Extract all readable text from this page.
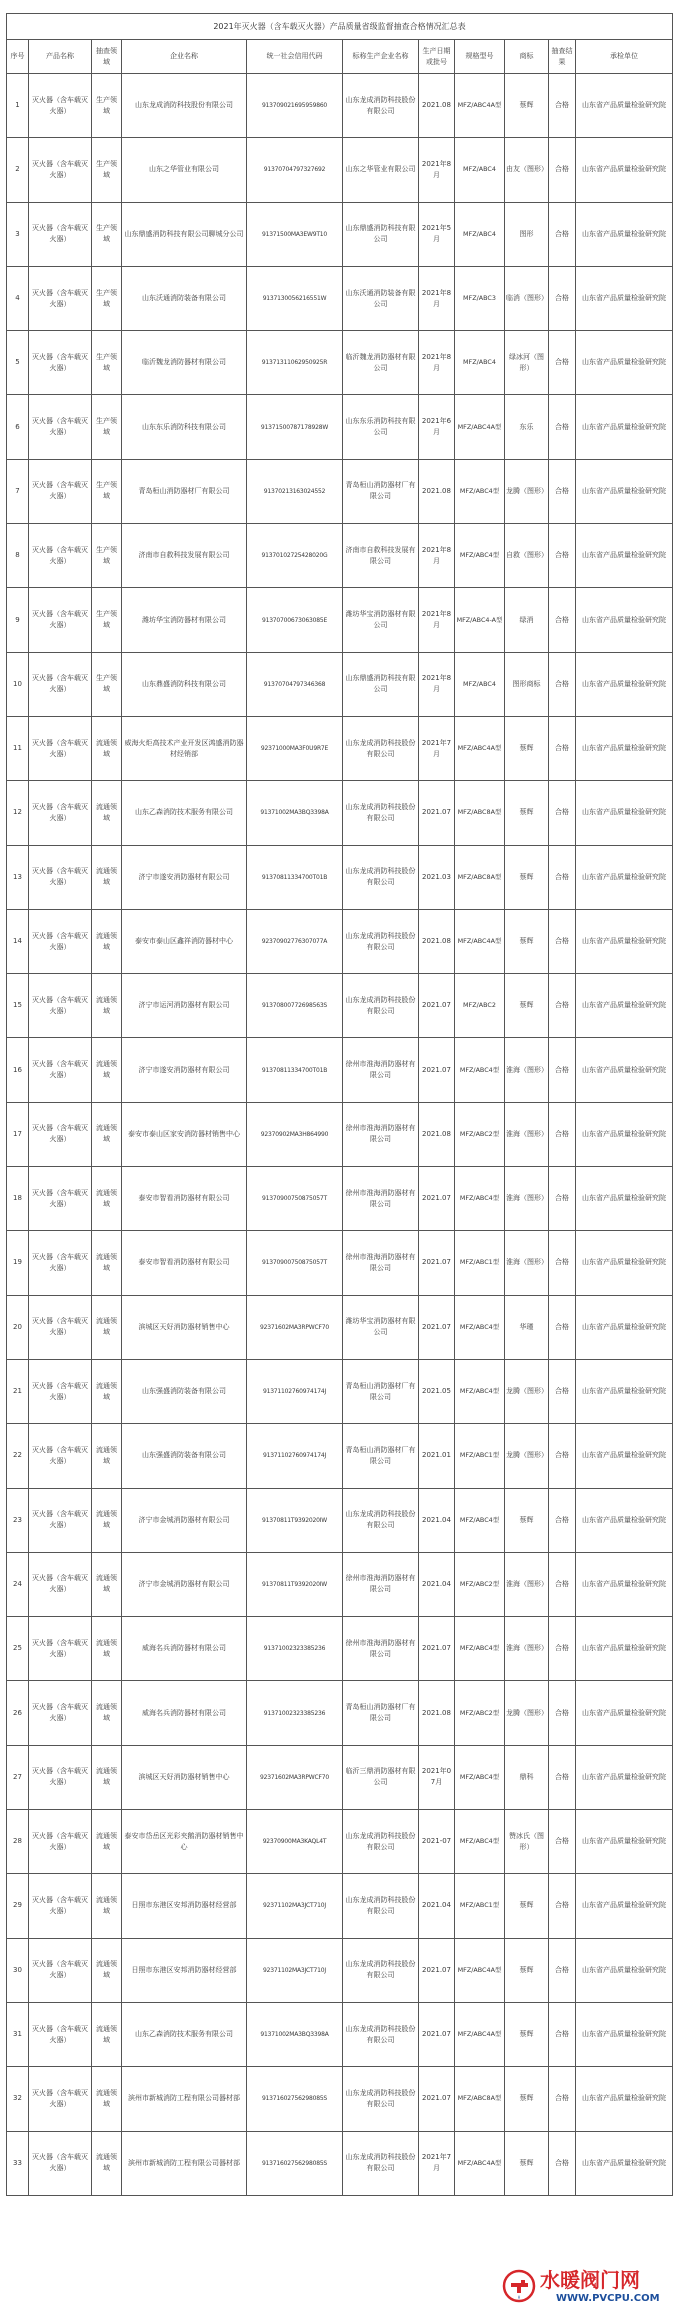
2021年灭火器（含车载灭火器）产品质量省级监督抽查合格情况汇总表
序号	产品名称	抽查领域	企业名称	统一社会信用代码	标称生产企业名称	生产日期或批号	规格型号	商标	抽查结果	承检单位
1	灭火器（含车载灭火器）	生产领域	山东龙成消防科技股份有限公司	913709021695959860	山东龙成消防科技股份有限公司	2021.08	MFZ/ABC4A型	蔡辉	合格	山东省产品质量检验研究院
2	灭火器（含车载灭火器）	生产领域	山东之华管业有限公司	91370704797327692	山东之华管业有限公司	2021年8月	MFZ/ABC4	由友（图形）	合格	山东省产品质量检验研究院
3	灭火器（含车载灭火器）	生产领域	山东鼎盛消防科技有限公司聊城分公司	91371500MA3EW9T10	山东鼎盛消防科技有限公司	2021年5月	MFZ/ABC4	图形	合格	山东省产品质量检验研究院
4	灭火器（含车载灭火器）	生产领域	山东沃通消防装备有限公司	9137130056216551W	山东沃通消防装备有限公司	2021年8月	MFZ/ABC3	临消（图形）	合格	山东省产品质量检验研究院
5	灭火器（含车载灭火器）	生产领域	临沂魏龙消防器材有限公司	91371311062950925R	临沂魏龙消防器材有限公司	2021年8月	MFZ/ABC4	绿冰河（图形）	合格	山东省产品质量检验研究院
6	灭火器（含车载灭火器）	生产领域	山东东乐消防科技有限公司	91371500787178928W	山东东乐消防科技有限公司	2021年6月	MFZ/ABC4A型	东乐	合格	山东省产品质量检验研究院
7	灭火器（含车载灭火器）	生产领域	青岛桓山消防器材厂有限公司	91370213163024552	青岛桓山消防器材厂有限公司	2021.08	MFZ/ABC4型	龙腾（图形）	合格	山东省产品质量检验研究院
8	灭火器（含车载灭火器）	生产领域	济南市自救科技发展有限公司	91370102725428020G	济南市自救科技发展有限公司	2021年8月	MFZ/ABC4型	自救（图形）	合格	山东省产品质量检验研究院
9	灭火器（含车载灭火器）	生产领域	潍坊华宝消防器材有限公司	91370700673063085E	潍坊华宝消防器材有限公司	2021年8月	MFZ/ABC4-A型	绿消	合格	山东省产品质量检验研究院
10	灭火器（含车载灭火器）	生产领域	山东鼎盛消防科技有限公司	91370704797346368	山东鼎盛消防科技有限公司	2021年8月	MFZ/ABC4	图形商标	合格	山东省产品质量检验研究院
11	灭火器（含车载灭火器）	流通领域	威海火炬高技术产业开发区鸿盛消防器材经销部	92371000MA3F0U9R7E	山东龙成消防科技股份有限公司	2021年7月	MFZ/ABC4A型	蔡辉	合格	山东省产品质量检验研究院
12	灭火器（含车载灭火器）	流通领域	山东乙森消防技术服务有限公司	91371002MA3BQ3398A	山东龙成消防科技股份有限公司	2021.07	MFZ/ABC8A型	蔡辉	合格	山东省产品质量检验研究院
13	灭火器（含车载灭火器）	流通领域	济宁市遂安消防器材有限公司	91370811334700T01B	山东龙成消防科技股份有限公司	2021.03	MFZ/ABC8A型	蔡辉	合格	山东省产品质量检验研究院
14	灭火器（含车载灭火器）	流通领域	泰安市泰山区鑫祥消防器材中心	92370902776307077A	山东龙成消防科技股份有限公司	2021.08	MFZ/ABC4A型	蔡辉	合格	山东省产品质量检验研究院
15	灭火器（含车载灭火器）	流通领域	济宁市运河消防器材有限公司	91370800772698563S	山东龙成消防科技股份有限公司	2021.07	MFZ/ABC2	蔡辉	合格	山东省产品质量检验研究院
16	灭火器（含车载灭火器）	流通领域	济宁市遂安消防器材有限公司	91370811334700T01B	徐州市淮海消防器材有限公司	2021.07	MFZ/ABC4型	淮海（图形）	合格	山东省产品质量检验研究院
17	灭火器（含车载灭火器）	流通领域	泰安市泰山区家安消防器材销售中心	92370902MA3H864990	徐州市淮海消防器材有限公司	2021.08	MFZ/ABC2型	淮海（图形）	合格	山东省产品质量检验研究院
18	灭火器（含车载灭火器）	流通领域	泰安市智看消防器材有限公司	91370900750875057T	徐州市淮海消防器材有限公司	2021.07	MFZ/ABC4型	淮海（图形）	合格	山东省产品质量检验研究院
19	灭火器（含车载灭火器）	流通领域	泰安市智看消防器材有限公司	91370900750875057T	徐州市淮海消防器材有限公司	2021.07	MFZ/ABC1型	淮海（图形）	合格	山东省产品质量检验研究院
20	灭火器（含车载灭火器）	流通领域	滨城区天好消防器材销售中心	92371602MA3RPWCF70	潍坊华宝消防器材有限公司	2021.07	MFZ/ABC4型	华瑾	合格	山东省产品质量检验研究院
21	灭火器（含车载灭火器）	流通领域	山东强盛消防装备有限公司	91371102760974174J	青岛桓山消防器材厂有限公司	2021.05	MFZ/ABC4型	龙腾（图形）	合格	山东省产品质量检验研究院
22	灭火器（含车载灭火器）	流通领域	山东强盛消防装备有限公司	91371102760974174J	青岛桓山消防器材厂有限公司	2021.01	MFZ/ABC1型	龙腾（图形）	合格	山东省产品质量检验研究院
23	灭火器（含车载灭火器）	流通领域	济宁市金城消防器材有限公司	91370811T9392020IW	山东龙成消防科技股份有限公司	2021.04	MFZ/ABC4型	蔡辉	合格	山东省产品质量检验研究院
24	灭火器（含车载灭火器）	流通领域	济宁市金城消防器材有限公司	91370811T9392020IW	徐州市淮海消防器材有限公司	2021.04	MFZ/ABC2型	淮海（图形）	合格	山东省产品质量检验研究院
25	灭火器（含车载灭火器）	流通领域	威海名兵消防器材有限公司	91371002323385236	徐州市淮海消防器材有限公司	2021.07	MFZ/ABC4型	淮海（图形）	合格	山东省产品质量检验研究院
26	灭火器（含车载灭火器）	流通领域	威海名兵消防器材有限公司	91371002323385236	青岛桓山消防器材厂有限公司	2021.08	MFZ/ABC2型	龙腾（图形）	合格	山东省产品质量检验研究院
27	灭火器（含车载灭火器）	流通领域	滨城区天好消防器材销售中心	92371602MA3RPWCF70	临沂三鼎消防器材有限公司	2021年07月	MFZ/ABC4型	鼎科	合格	山东省产品质量检验研究院
28	灭火器（含车载灭火器）	流通领域	泰安市岱岳区光彩夹鹅消防器材销售中心	92370900MA3KAQL4T	山东龙成消防科技股份有限公司	2021-07	MFZ/ABC4型	赞冰氏（图形）	合格	山东省产品质量检验研究院
29	灭火器（含车载灭火器）	流通领域	日照市东港区安邦消防器材经营部	92371102MA3JCT710J	山东龙成消防科技股份有限公司	2021.04	MFZ/ABC1型	蔡辉	合格	山东省产品质量检验研究院
30	灭火器（含车载灭火器）	流通领域	日照市东港区安邦消防器材经营部	92371102MA3JCT710J	山东龙成消防科技股份有限公司	2021.07	MFZ/ABC4A型	蔡辉	合格	山东省产品质量检验研究院
31	灭火器（含车载灭火器）	流通领域	山东乙森消防技术服务有限公司	91371002MA3BQ3398A	山东龙成消防科技股份有限公司	2021.07	MFZ/ABC4A型	蔡辉	合格	山东省产品质量检验研究院
32	灭火器（含车载灭火器）	流通领域	滨州市新城消防工程有限公司器材部	91371602756298085S	山东龙成消防科技股份有限公司	2021.07	MFZ/ABC8A型	蔡辉	合格	山东省产品质量检验研究院
33	灭火器（含车载灭火器）	流通领域	滨州市新城消防工程有限公司器材部	91371602756298085S	山东龙成消防科技股份有限公司	2021年7月	MFZ/ABC4A型	蔡辉	合格	山东省产品质量检验研究院
水暖阀门网
WWW.PVCPU.COM
